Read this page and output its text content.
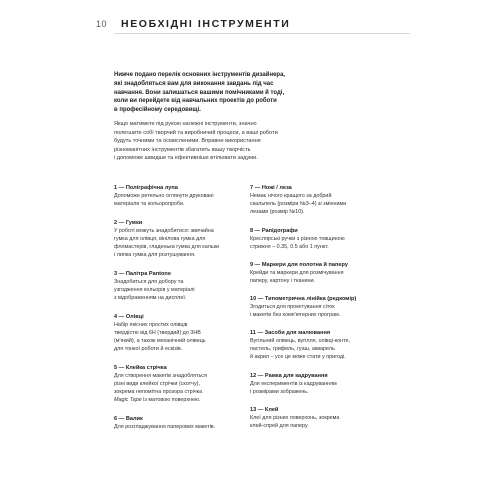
10 НЕОБХІДНІ ІНСТРУМЕНТИ

Нижче подано перелік основних інструментів дизайнера,
які знадобляться вам для виконання завдань під час
навчання. Вони залишаться вашими помічниками й тоді,
коли ви перейдете від навчальних проектів до роботи
в професійному середовищі.

Якщо матимете під рукою належні інструменти, значно
полегшите собі творчий та виробничий процеси, а ваші роботи
будуть точними та осмисленими. Вправне використання
різноманітних інструментів збагатить вашу творчість
і допоможе швидше та ефективніше втілювати задуми.

1 — Поліграфічна лупа
Допоможе ретельно оглянути друковані
матеріали та кольоропроби.
2 — Гумки
У роботі можуть знадобитися: звичайна
гумка для олівця, вінілова гумка для
фломастерів, гладенька гумка для кальки
і липка гумка для розтушування.
3 — Палітра Pantone
Знадобиться для добору та
узгодження кольорів у матеріалі
з відображенням на дисплеї.
4 — Олівці
Набір якісних простих олівців
твердістю від 6Н (твердий) до 3НВ
(м'який), а також механічний олівець
для тонкої роботи й ескізів.
5 — Клейка стрічка
Для створення макетів знадобляться
різні види клейкої стрічки (скотчу),
зокрема непомітна прозора стрічка
Magic Tape із матовою поверхнею.
6 — Валик
Для розгладжування паперових макетів.
7 — Ножі / леза
Немає нічого кращого за добрий
скальпель (розміри №3–4) зі змінними
лезами (розмір №10).
8 — Рапідографи
Креслярські ручки з різною товщиною
стрижня – 0.35, 0.5 або 1 пункт.
9 — Маркери для полотна й паперу
Крейди та маркери для розмічування
паперу, картону і тканини.
10 — Типометрична лінійка (редкомір)
Згодиться для проектування сіток
і макетів без комп'ютерних програм.
11 — Засоби для малювання
Вугільний олівець, вугілля, олівці-конте,
пастель, грифель, гуаш, акварель
й акрил – усе це може стати у пригоді.
12 — Рамка для кадрування
Для експериментів із кадруванням
і розмірами зображень.
13 — Клей
Клеї для різних поверхонь, зокрема
клей-спрей для паперу.
